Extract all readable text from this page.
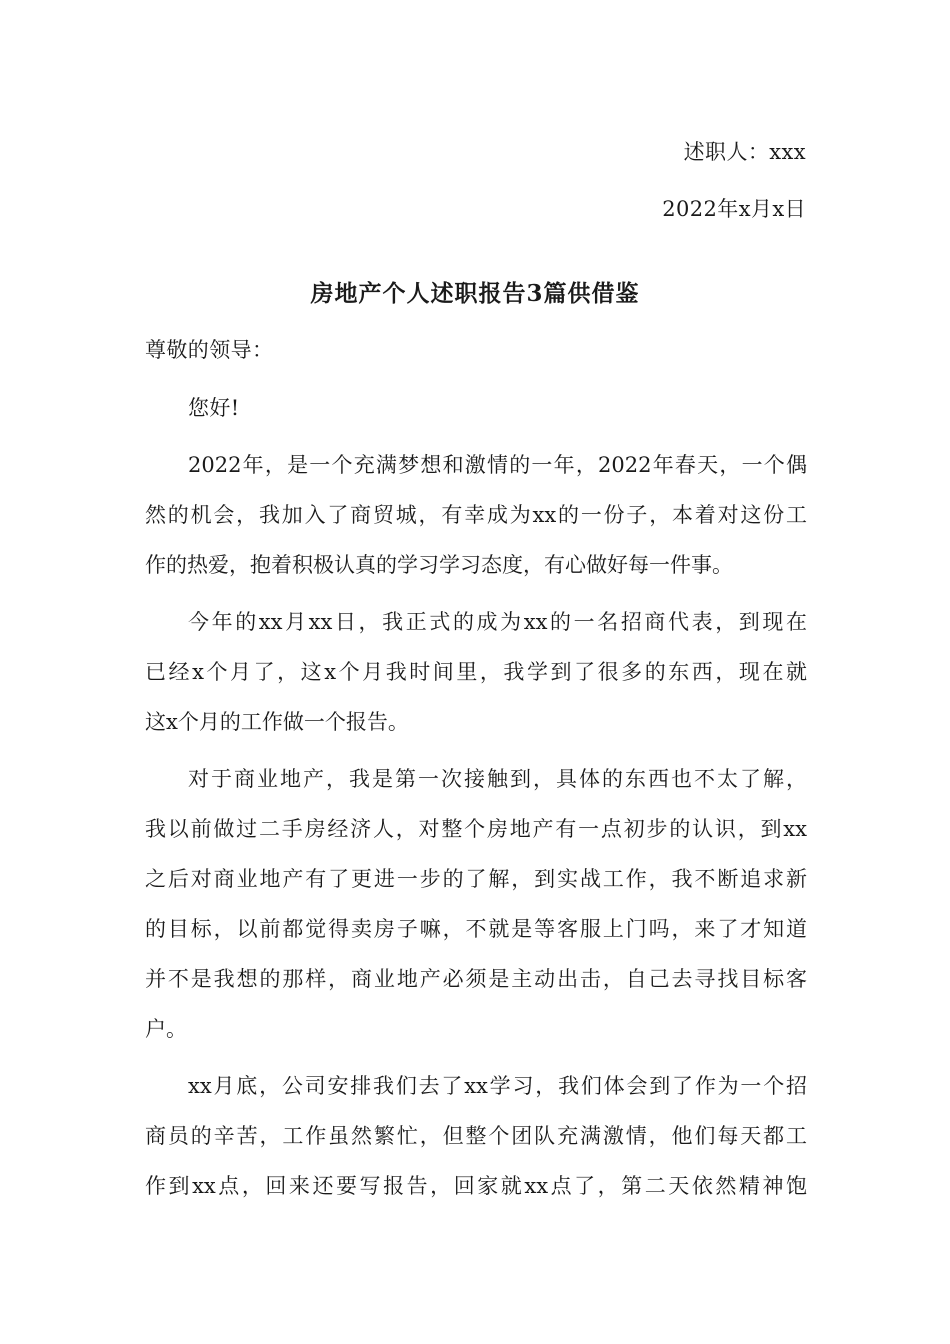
述职人：xxx
2022年x月x日
房地产个人述职报告3篇供借鉴
尊敬的领导：
您好!
2022年，是一个充满梦想和激情的一年，2022年春天，一个偶
然的机会，我加入了商贸城，有幸成为xx的一份子，本着对这份工
作的热爱，抱着积极认真的学习学习态度，有心做好每一件事。
今年的xx月xx日，我正式的成为xx的一名招商代表，到现在
已经x个月了，这x个月我时间里，我学到了很多的东西，现在就
这x个月的工作做一个报告。
对于商业地产，我是第一次接触到，具体的东西也不太了解，
我以前做过二手房经济人，对整个房地产有一点初步的认识，到xx
之后对商业地产有了更进一步的了解，到实战工作，我不断追求新
的目标，以前都觉得卖房子嘛，不就是等客服上门吗，来了才知道
并不是我想的那样，商业地产必须是主动出击，自己去寻找目标客
户。
xx月底，公司安排我们去了xx学习，我们体会到了作为一个招
商员的辛苦，工作虽然繁忙，但整个团队充满激情，他们每天都工
作到xx点，回来还要写报告，回家就xx点了，第二天依然精神饱
